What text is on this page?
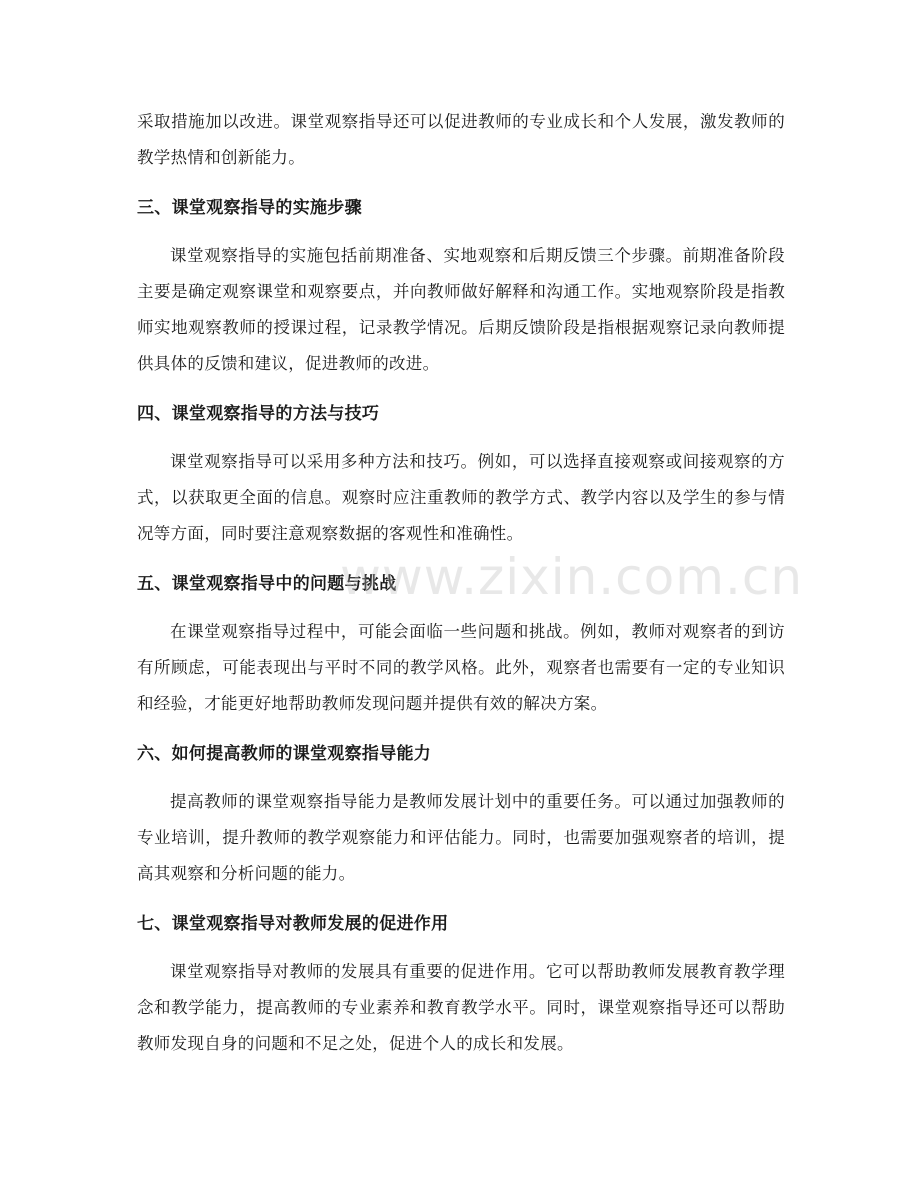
采取措施加以改进。课堂观察指导还可以促进教师的专业成长和个人发展，激发教师的教学热情和创新能力。

三、课堂观察指导的实施步骤

课堂观察指导的实施包括前期准备、实地观察和后期反馈三个步骤。前期准备阶段主要是确定观察课堂和观察要点，并向教师做好解释和沟通工作。实地观察阶段是指教师实地观察教师的授课过程，记录教学情况。后期反馈阶段是指根据观察记录向教师提供具体的反馈和建议，促进教师的改进。

四、课堂观察指导的方法与技巧

课堂观察指导可以采用多种方法和技巧。例如，可以选择直接观察或间接观察的方式，以获取更全面的信息。观察时应注重教师的教学方式、教学内容以及学生的参与情况等方面，同时要注意观察数据的客观性和准确性。

五、课堂观察指导中的问题与挑战

在课堂观察指导过程中，可能会面临一些问题和挑战。例如，教师对观察者的到访有所顾虑，可能表现出与平时不同的教学风格。此外，观察者也需要有一定的专业知识和经验，才能更好地帮助教师发现问题并提供有效的解决方案。

六、如何提高教师的课堂观察指导能力

提高教师的课堂观察指导能力是教师发展计划中的重要任务。可以通过加强教师的专业培训，提升教师的教学观察能力和评估能力。同时，也需要加强观察者的培训，提高其观察和分析问题的能力。

七、课堂观察指导对教师发展的促进作用

课堂观察指导对教师的发展具有重要的促进作用。它可以帮助教师发展教育教学理念和教学能力，提高教师的专业素养和教育教学水平。同时，课堂观察指导还可以帮助教师发现自身的问题和不足之处，促进个人的成长和发展。

www.zixin.com.cn
